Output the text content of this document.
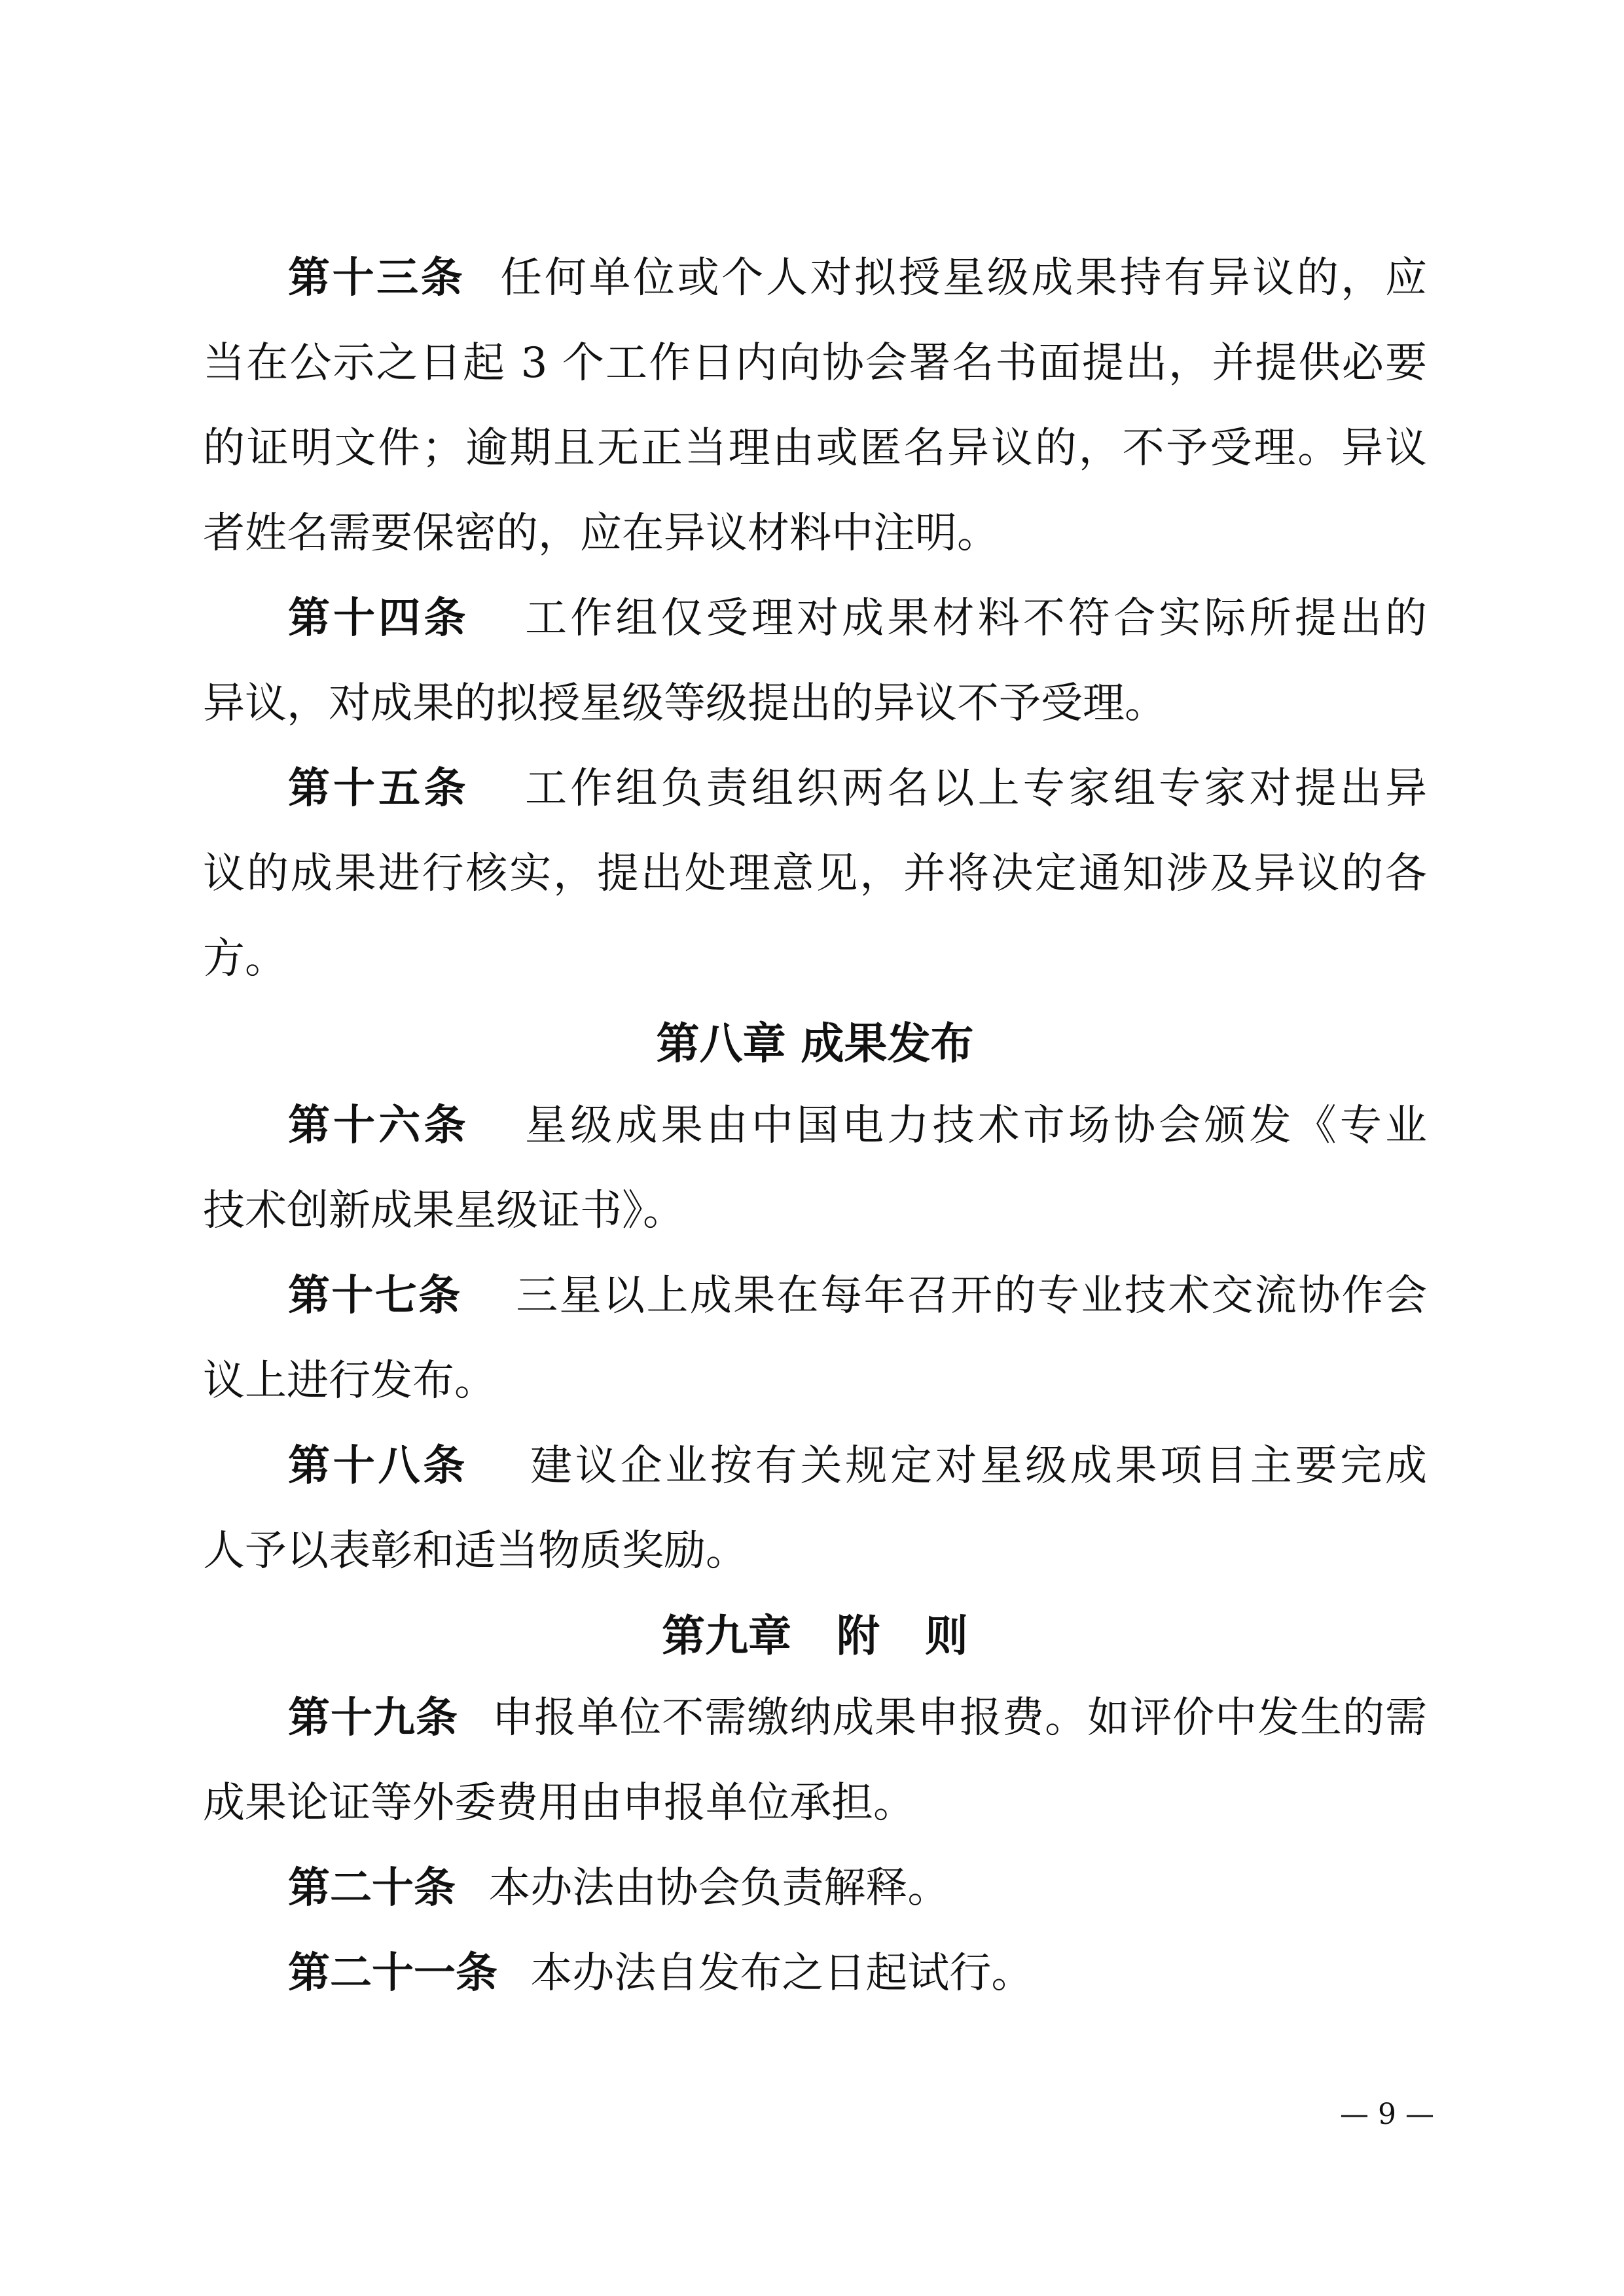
第十三条 任何单位或个人对拟授星级成果持有异议的，应
当在公示之日起 3 个工作日内向协会署名书面提出，并提供必要
的证明文件；逾期且无正当理由或匿名异议的，不予受理。异议
者姓名需要保密的，应在异议材料中注明。
第十四条 工作组仅受理对成果材料不符合实际所提出的
异议，对成果的拟授星级等级提出的异议不予受理。
第十五条 工作组负责组织两名以上专家组专家对提出异
议的成果进行核实，提出处理意见，并将决定通知涉及异议的各
方。
第八章 成果发布
第十六条 星级成果由中国电力技术市场协会颁发《专业
技术创新成果星级证书》。
第十七条 三星以上成果在每年召开的专业技术交流协作会
议上进行发布。
第十八条 建议企业按有关规定对星级成果项目主要完成
人予以表彰和适当物质奖励。
第九章   附   则
第十九条 申报单位不需缴纳成果申报费。如评价中发生的需
成果论证等外委费用由申报单位承担。
第二十条 本办法由协会负责解释。
第二十一条 本办法自发布之日起试行。
— 9 —
